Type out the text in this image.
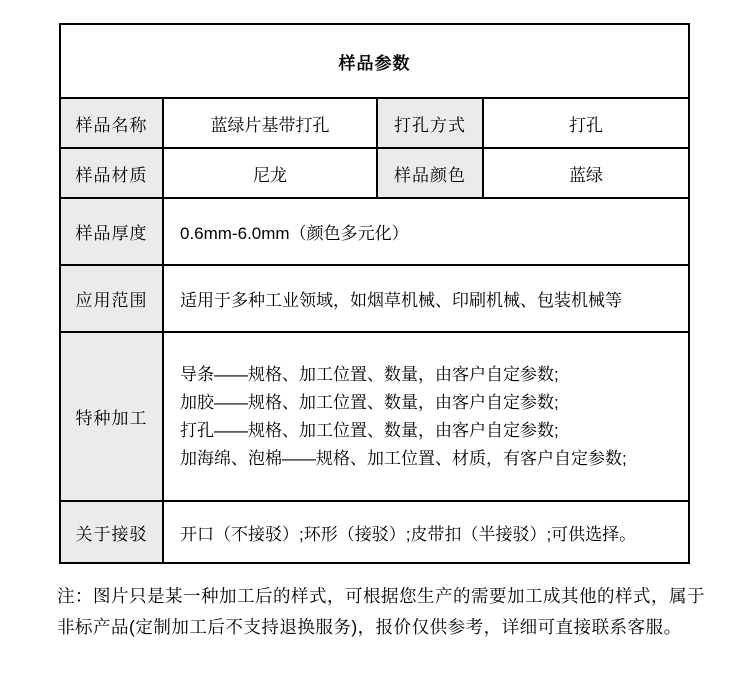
样品参数			
样品名称	蓝绿片基带打孔	打孔方式	打孔
样品材质	尼龙	样品颜色	蓝绿
样品厚度	0.6mm-6.0mm（颜色多元化）		
应用范围	适用于多种工业领域，如烟草机械、印刷机械、包装机械等		
特种加工	导条——规格、加工位置、数量，由客户自定参数;
加胶——规格、加工位置、数量，由客户自定参数;
打孔——规格、加工位置、数量，由客户自定参数;
加海绵、泡棉——规格、加工位置、材质，有客户自定参数;		

关于接驳	开口（不接驳）;环形（接驳）;皮带扣（半接驳）;可供选择。		
注：图片只是某一种加工后的样式，可根据您生产的需要加工成其他的样式，属于
非标产品(定制加工后不支持退换服务)，报价仅供参考，详细可直接联系客服。
